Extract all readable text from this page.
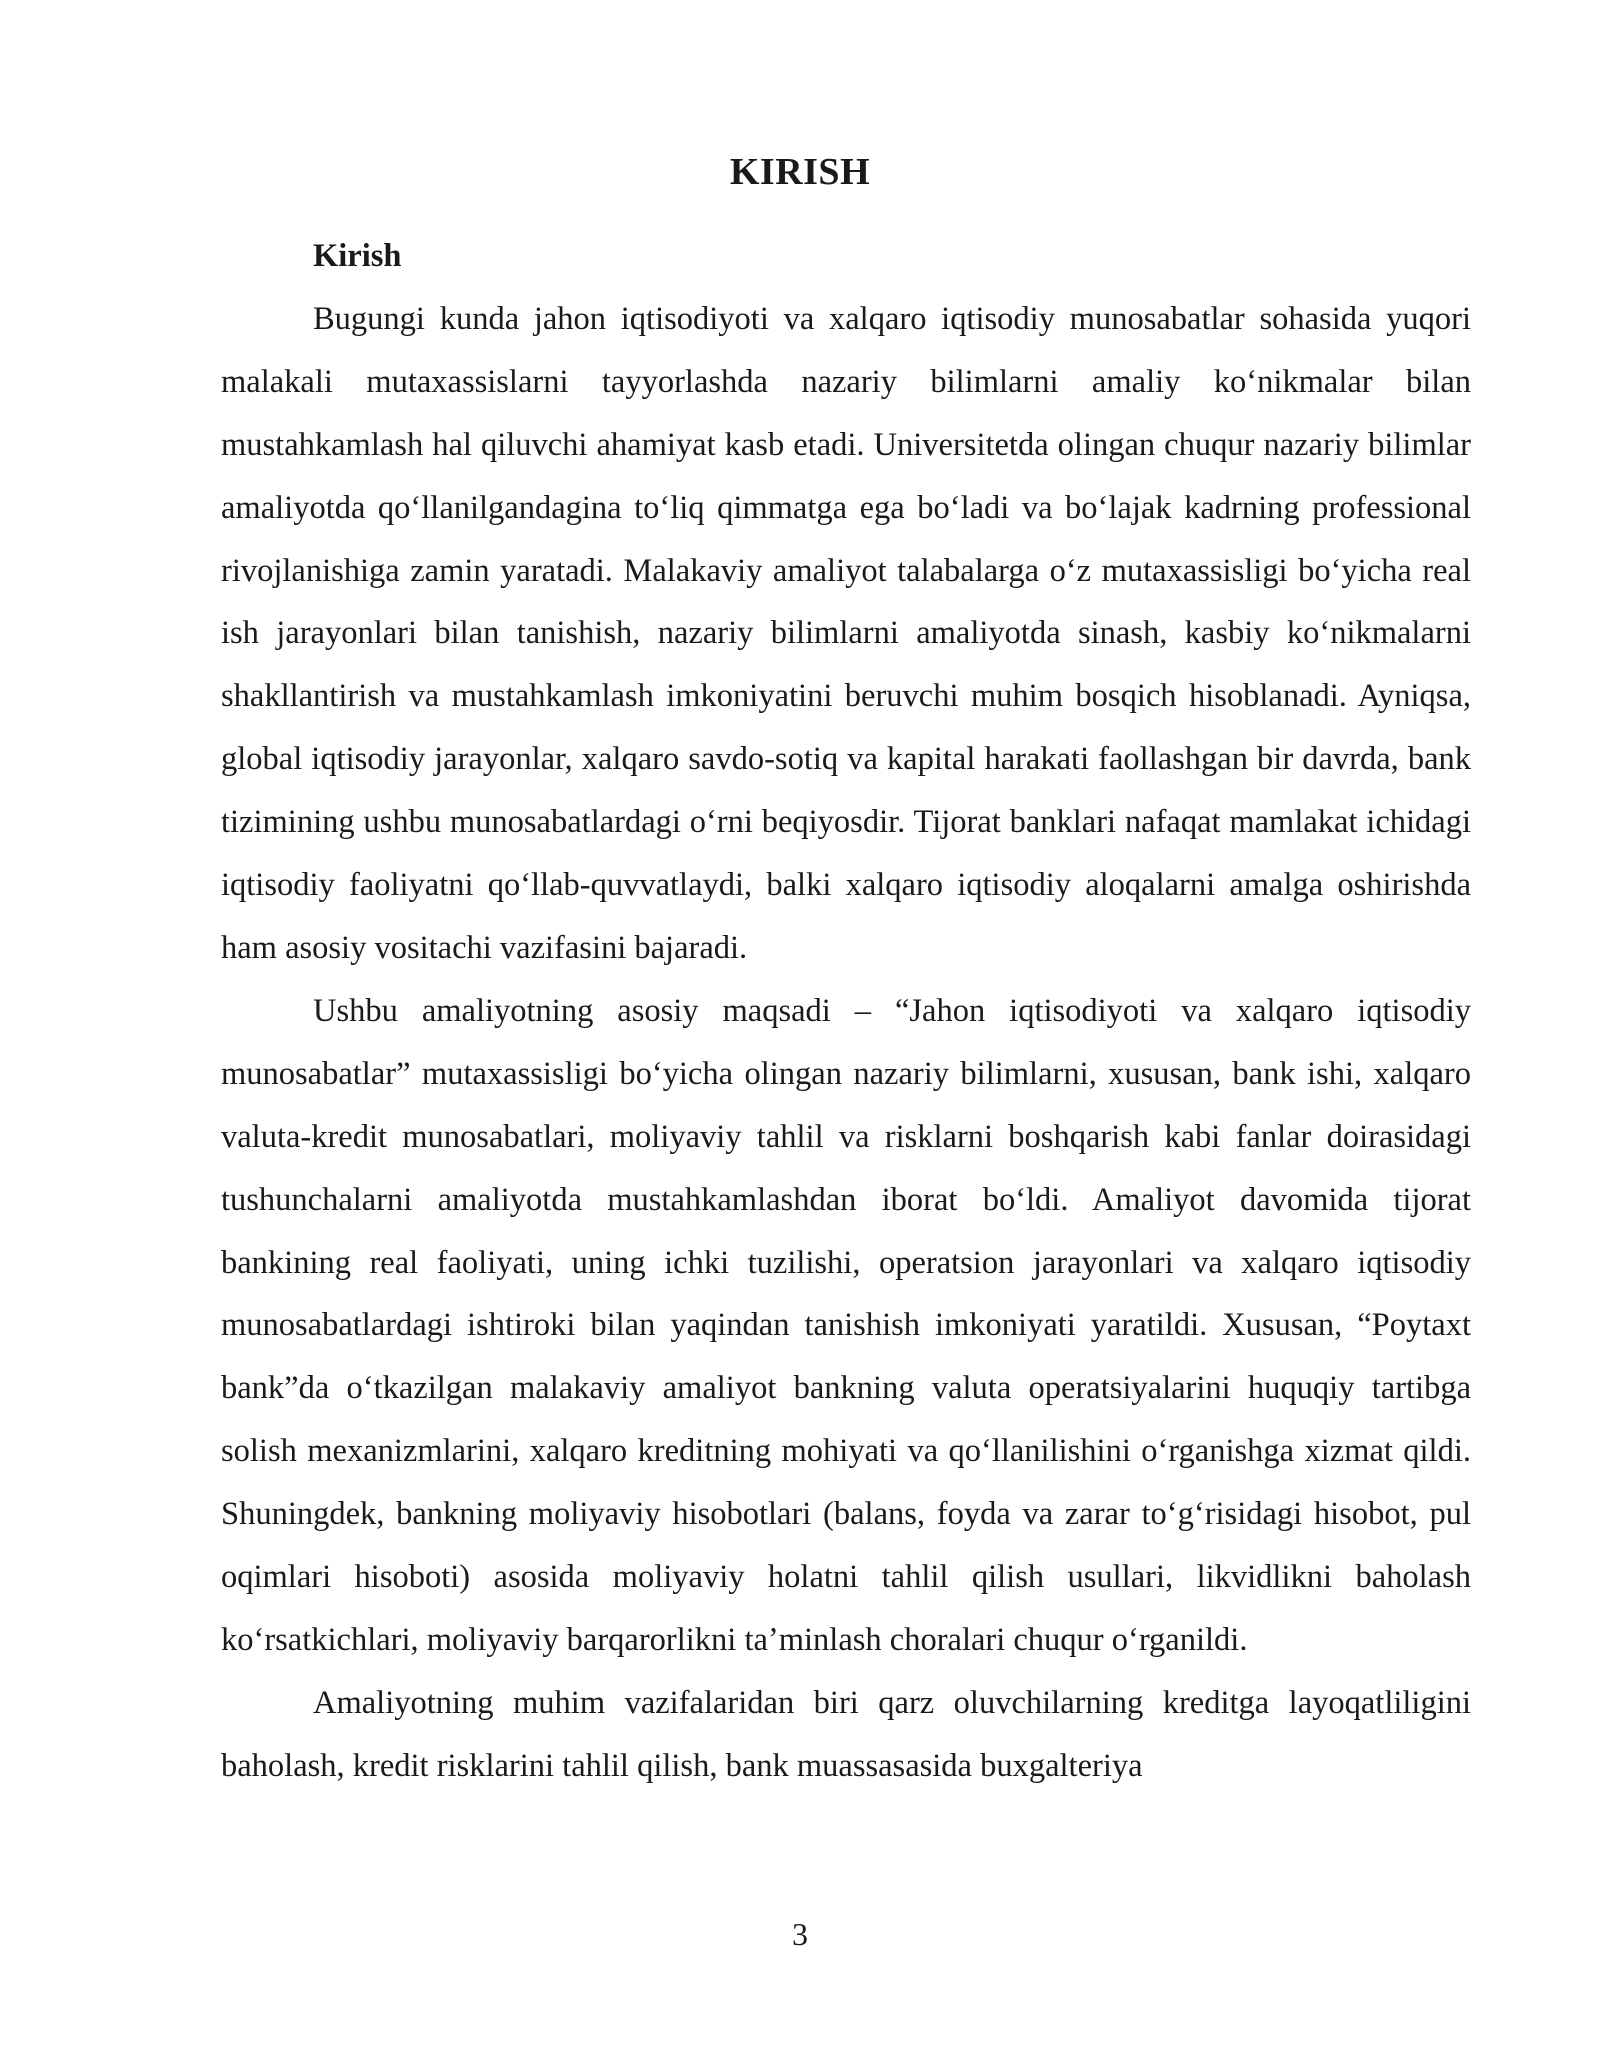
KIRISH

Kirish

Bugungi kunda jahon iqtisodiyoti va xalqaro iqtisodiy munosabatlar sohasida yuqori malakali mutaxassislarni tayyorlashda nazariy bilimlarni amaliy koʻnikmalar bilan mustahkamlash hal qiluvchi ahamiyat kasb etadi. Universitetda olingan chuqur nazariy bilimlar amaliyotda qoʻllanilgandagina toʻliq qimmatga ega boʻladi va boʻlajak kadrning professional rivojlanishiga zamin yaratadi. Malakaviy amaliyot talabalarga oʻz mutaxassisligi boʻyicha real ish jarayonlari bilan tanishish, nazariy bilimlarni amaliyotda sinash, kasbiy koʻnikmalarni shakllantirish va mustahkamlash imkoniyatini beruvchi muhim bosqich hisoblanadi. Ayniqsa, global iqtisodiy jarayonlar, xalqaro savdo-sotiq va kapital harakati faollashgan bir davrda, bank tizimining ushbu munosabatlardagi oʻrni beqiyosdir. Tijorat banklari nafaqat mamlakat ichidagi iqtisodiy faoliyatni qoʻllab-quvvatlaydi, balki xalqaro iqtisodiy aloqalarni amalga oshirishda ham asosiy vositachi vazifasini bajaradi.

Ushbu amaliyotning asosiy maqsadi – “Jahon iqtisodiyoti va xalqaro iqtisodiy munosabatlar” mutaxassisligi boʻyicha olingan nazariy bilimlarni, xususan, bank ishi, xalqaro valuta-kredit munosabatlari, moliyaviy tahlil va risklarni boshqarish kabi fanlar doirasidagi tushunchalarni amaliyotda mustahkamlashdan iborat boʻldi. Amaliyot davomida tijorat bankining real faoliyati, uning ichki tuzilishi, operatsion jarayonlari va xalqaro iqtisodiy munosabatlardagi ishtiroki bilan yaqindan tanishish imkoniyati yaratildi. Xususan, “Poytaxt bank”da oʻtkazilgan malakaviy amaliyot bankning valuta operatsiyalarini huquqiy tartibga solish mexanizmlarini, xalqaro kreditning mohiyati va qoʻllanilishini oʻrganishga xizmat qildi. Shuningdek, bankning moliyaviy hisobotlari (balans, foyda va zarar toʻgʻrisidagi hisobot, pul oqimlari hisoboti) asosida moliyaviy holatni tahlil qilish usullari, likvidlikni baholash koʻrsatkichlari, moliyaviy barqarorlikni taʼminlash choralari chuqur oʻrganildi.

Amaliyotning muhim vazifalaridan biri qarz oluvchilarning kreditga layoqatliligini baholash, kredit risklarini tahlil qilish, bank muassasasida buxgalteriya

3
